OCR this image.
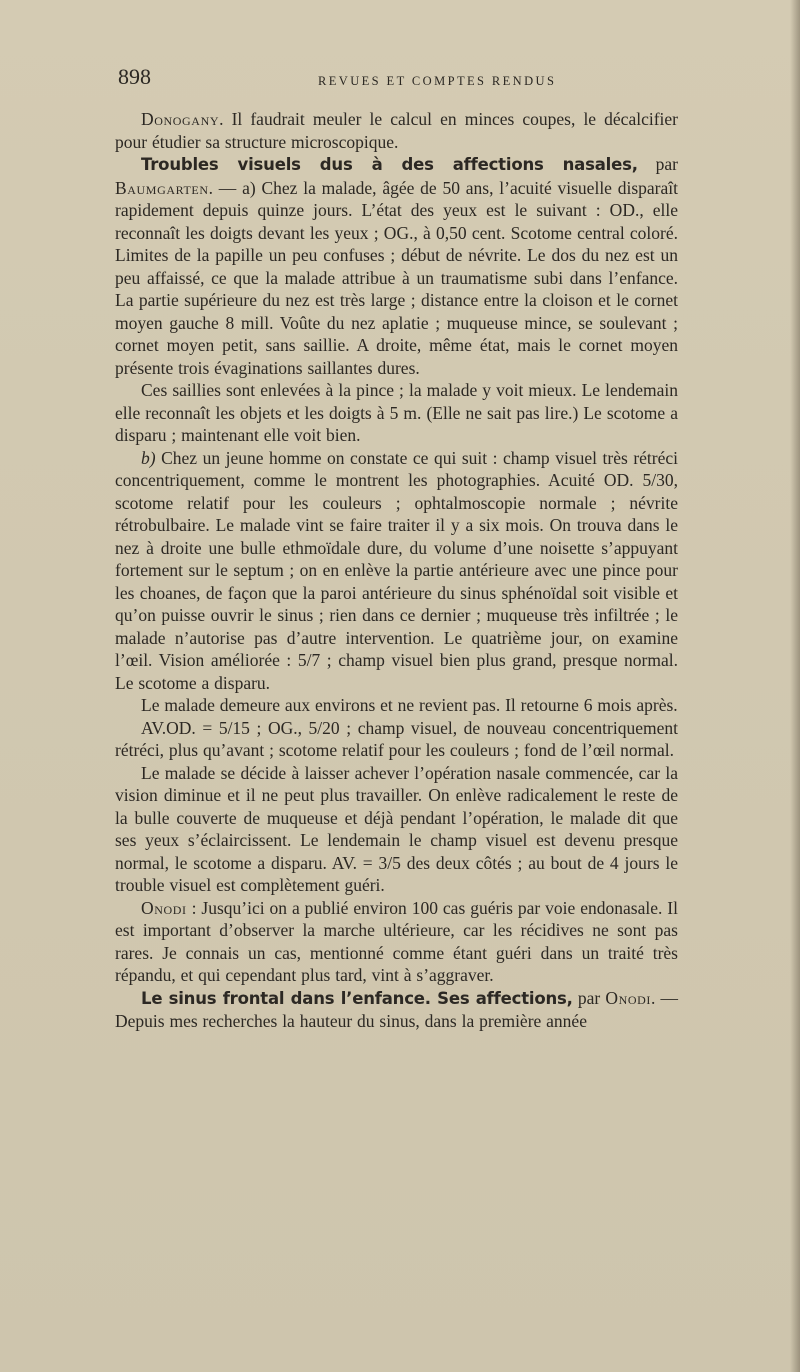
898	REVUES ET COMPTES RENDUS

Donogany. Il faudrait meuler le calcul en minces coupes, le décalcifier pour étudier sa structure microscopique.

Troubles visuels dus à des affections nasales, par Baumgarten. — a) Chez la malade, âgée de 50 ans, l’acuité visuelle disparaît rapidement depuis quinze jours. L’état des yeux est le suivant : OD., elle reconnaît les doigts devant les yeux ; OG., à 0,50 cent. Scotome central coloré. Limites de la papille un peu confuses ; début de névrite. Le dos du nez est un peu affaissé, ce que la malade attribue à un traumatisme subi dans l’enfance. La partie supérieure du nez est très large ; distance entre la cloison et le cornet moyen gauche 8 mill. Voûte du nez aplatie ; muqueuse mince, se soulevant ; cornet moyen petit, sans saillie. A droite, même état, mais le cornet moyen présente trois évaginations saillantes dures.

Ces saillies sont enlevées à la pince ; la malade y voit mieux. Le lendemain elle reconnaît les objets et les doigts à 5 m. (Elle ne sait pas lire.) Le scotome a disparu ; maintenant elle voit bien.

b) Chez un jeune homme on constate ce qui suit : champ visuel très rétréci concentriquement, comme le montrent les photographies. Acuité OD. 5/30, scotome relatif pour les couleurs ; ophtalmoscopie normale ; névrite rétrobulbaire. Le malade vint se faire traiter il y a six mois. On trouva dans le nez à droite une bulle ethmoïdale dure, du volume d’une noisette s’appuyant fortement sur le septum ; on en enlève la partie antérieure avec une pince pour les choanes, de façon que la paroi antérieure du sinus sphénoïdal soit visible et qu’on puisse ouvrir le sinus ; rien dans ce dernier ; muqueuse très infiltrée ; le malade n’autorise pas d’autre intervention. Le quatrième jour, on examine l’œil. Vision améliorée : 5/7 ; champ visuel bien plus grand, presque normal. Le scotome a disparu.

Le malade demeure aux environs et ne revient pas. Il retourne 6 mois après.

AV.OD. = 5/15 ; OG., 5/20 ; champ visuel, de nouveau concentriquement rétréci, plus qu’avant ; scotome relatif pour les couleurs ; fond de l’œil normal.

Le malade se décide à laisser achever l’opération nasale commencée, car la vision diminue et il ne peut plus travailler. On enlève radicalement le reste de la bulle couverte de muqueuse et déjà pendant l’opération, le malade dit que ses yeux s’éclaircissent. Le lendemain le champ visuel est devenu presque normal, le scotome a disparu. AV. = 3/5 des deux côtés ; au bout de 4 jours le trouble visuel est complètement guéri.

Onodi : Jusqu’ici on a publié environ 100 cas guéris par voie endonasale. Il est important d’observer la marche ultérieure, car les récidives ne sont pas rares. Je connais un cas, mentionné comme étant guéri dans un traité très répandu, et qui cependant plus tard, vint à s’aggraver.

Le sinus frontal dans l’enfance. Ses affections, par Onodi. — Depuis mes recherches la hauteur du sinus, dans la première année
